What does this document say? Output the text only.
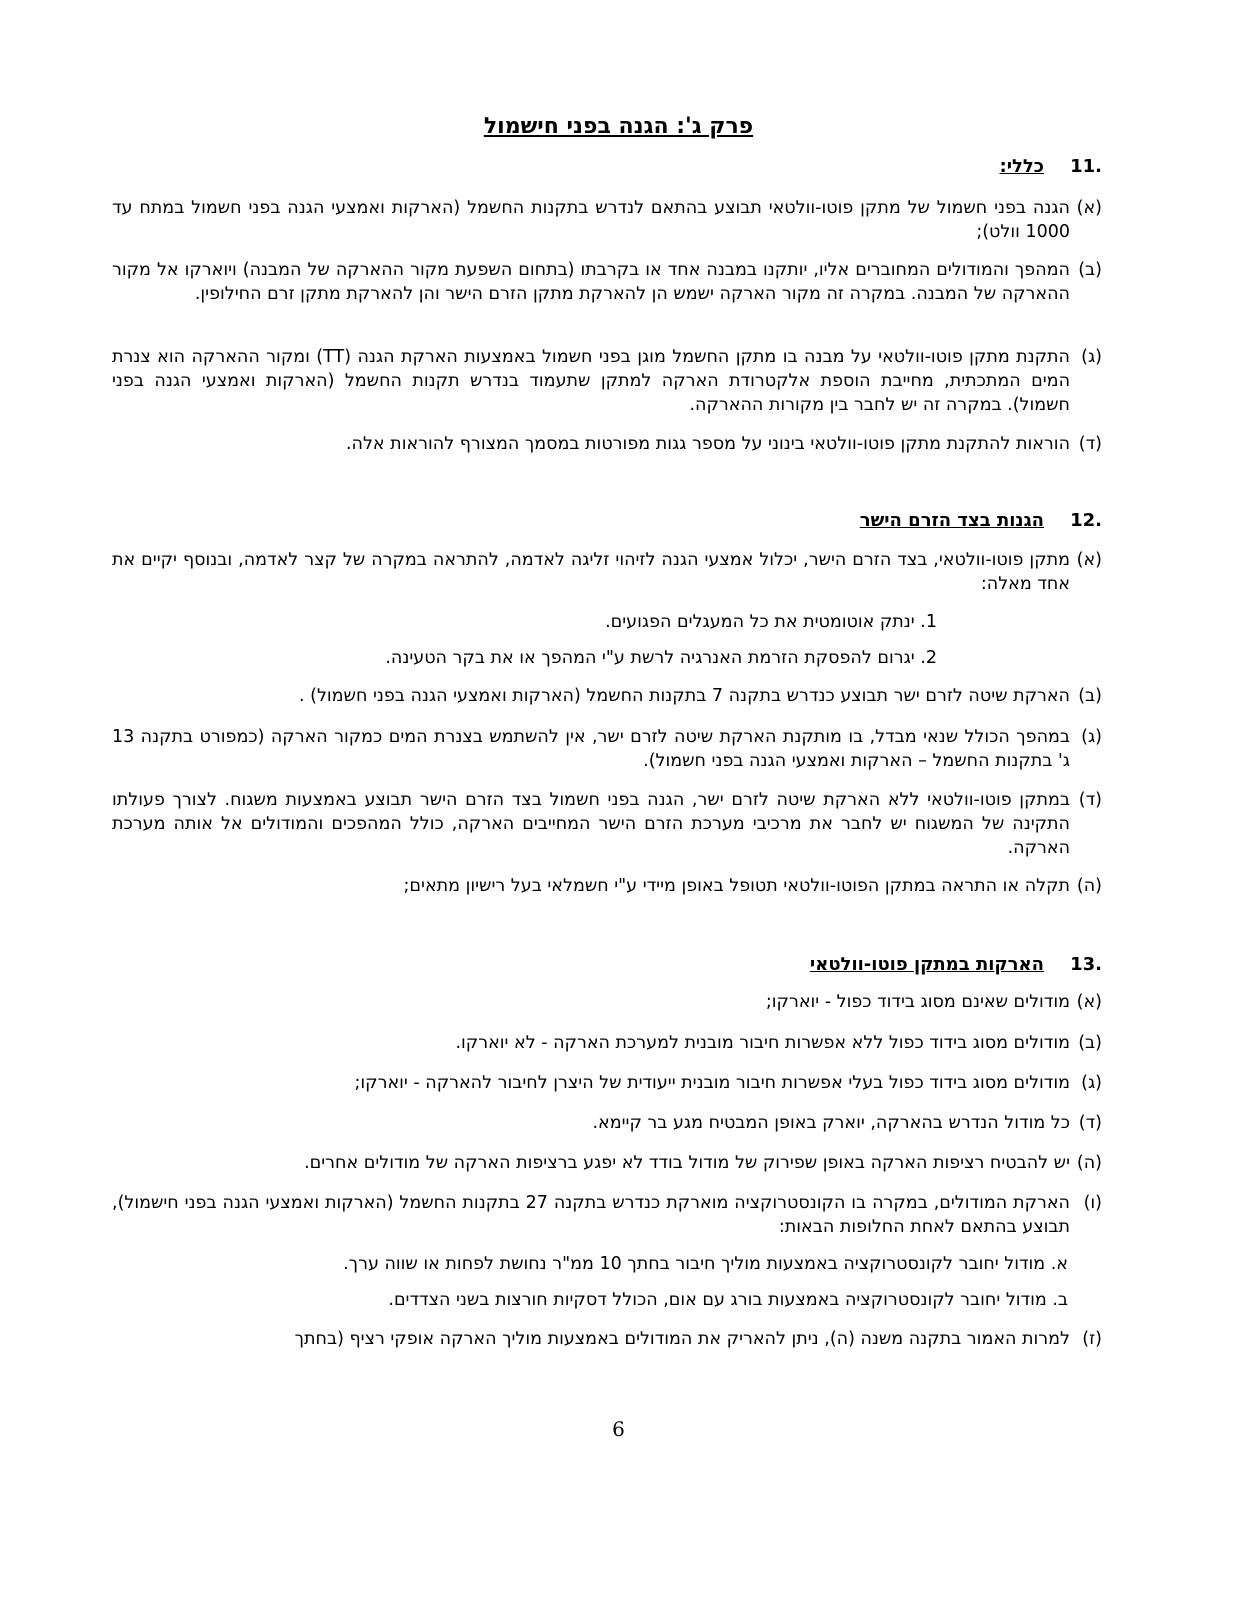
פרק ג': הגנה בפני חישמול
.11כללי:
(א)
הגנה בפני חשמול של מתקן פוטו-וולטאי תבוצע בהתאם לנדרש בתקנות החשמל (הארקות ואמצעי הגנה בפני חשמול במתח עד 1000 וולט);
(ב)
המהפך והמודולים המחוברים אליו, יותקנו במבנה אחד או בקרבתו (בתחום השפעת מקור ההארקה של המבנה) ויוארקו אל מקור ההארקה של המבנה. במקרה זה מקור הארקה ישמש הן להארקת מתקן הזרם הישר והן להארקת מתקן זרם החילופין.
(ג)
התקנת מתקן פוטו-וולטאי על מבנה בו מתקן החשמל מוגן בפני חשמול באמצעות הארקת הגנה (TT) ומקור ההארקה הוא צנרת המים המתכתית, מחייבת הוספת אלקטרודת הארקה למתקן שתעמוד בנדרש תקנות החשמל (הארקות ואמצעי הגנה בפני חשמול). במקרה זה יש לחבר בין מקורות ההארקה.
(ד)
הוראות להתקנת מתקן פוטו-וולטאי בינוני על מספר גגות מפורטות במסמך המצורף להוראות אלה.
.12הגנות בצד הזרם הישר
(א)
מתקן פוטו-וולטאי, בצד הזרם הישר, יכלול אמצעי הגנה לזיהוי זליגה לאדמה, להתראה במקרה של קצר לאדמה, ובנוסף יקיים את אחד מאלה:
1. ינתק אוטומטית את כל המעגלים הפגועים.
2. יגרום להפסקת הזרמת האנרגיה לרשת ע"י המהפך או את בקר הטעינה.
(ב)
הארקת שיטה לזרם ישר תבוצע כנדרש בתקנה 7 בתקנות החשמל (הארקות ואמצעי הגנה בפני חשמול) .
(ג)
במהפך הכולל שנאי מבדל, בו מותקנת הארקת שיטה לזרם ישר, אין להשתמש בצנרת המים כמקור הארקה (כמפורט בתקנה 13 ג' בתקנות החשמל – הארקות ואמצעי הגנה בפני חשמול).
(ד)
במתקן פוטו-וולטאי ללא הארקת שיטה לזרם ישר, הגנה בפני חשמול בצד הזרם הישר תבוצע באמצעות משגוח. לצורך פעולתו התקינה של המשגוח יש לחבר את מרכיבי מערכת הזרם הישר המחייבים הארקה, כולל המהפכים והמודולים אל אותה מערכת הארקה.
(ה)
תקלה או התראה במתקן הפוטו-וולטאי תטופל באופן מיידי ע"י חשמלאי בעל רישיון מתאים;
.13הארקות במתקן פוטו-וולטאי
(א)
מודולים שאינם מסוג בידוד כפול - יוארקו;
(ב)
מודולים מסוג בידוד כפול ללא אפשרות חיבור מובנית למערכת הארקה - לא יוארקו.
(ג)
מודולים מסוג בידוד כפול בעלי אפשרות חיבור מובנית ייעודית של היצרן לחיבור להארקה - יוארקו;
(ד)
כל מודול הנדרש בהארקה, יוארק באופן המבטיח מגע בר קיימא.
(ה)
יש להבטיח רציפות הארקה באופן שפירוק של מודול בודד לא יפגע ברציפות הארקה של מודולים אחרים.
(ו)
הארקת המודולים, במקרה בו הקונסטרוקציה מוארקת כנדרש בתקנה 27 בתקנות החשמל (הארקות ואמצעי הגנה בפני חישמול), תבוצע בהתאם לאחת החלופות הבאות:
א. מודול יחובר לקונסטרוקציה באמצעות מוליך חיבור בחתך 10 ממ"ר נחושת לפחות או שווה ערך.
ב. מודול יחובר לקונסטרוקציה באמצעות בורג עם אום, הכולל דסקיות חורצות בשני הצדדים.
(ז)
למרות האמור בתקנה משנה (ה), ניתן להאריק את המודולים באמצעות מוליך הארקה אופקי רציף (בחתך
6
